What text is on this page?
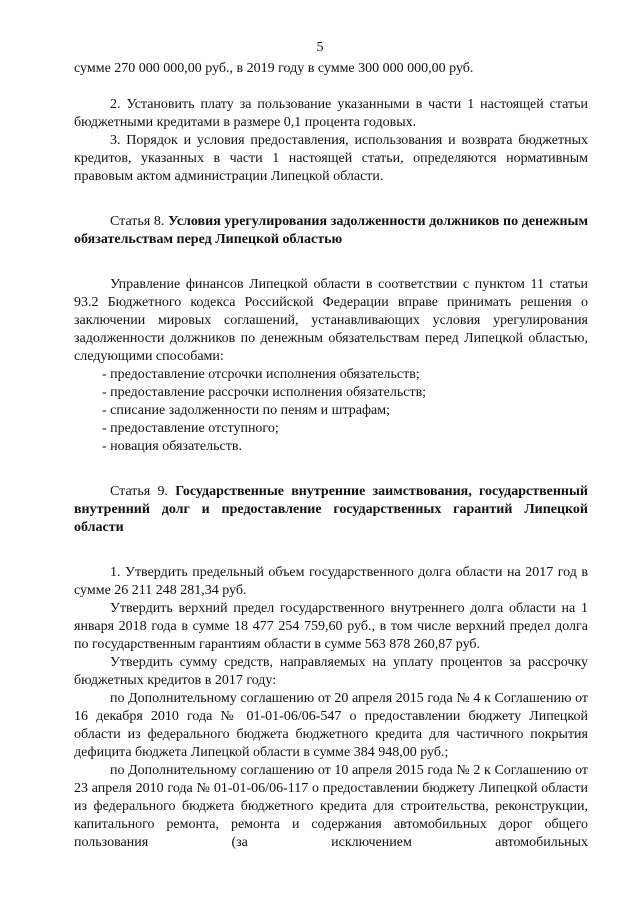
5

сумме 270 000 000,00 руб., в 2019 году в сумме 300 000 000,00 руб.

2. Установить плату за пользование указанными в части 1 настоящей статьи бюджетными кредитами в размере 0,1 процента годовых.

3. Порядок и условия предоставления, использования и возврата бюджетных кредитов, указанных в части 1 настоящей статьи, определяются нормативным правовым актом администрации Липецкой области.

Статья 8. Условия урегулирования задолженности должников по денежным обязательствам перед Липецкой областью

Управление финансов Липецкой области в соответствии с пунктом 11 статьи 93.2 Бюджетного кодекса Российской Федерации вправе принимать решения о заключении мировых соглашений, устанавливающих условия урегулирования задолженности должников по денежным обязательствам перед Липецкой областью, следующими способами:

- предоставление отсрочки исполнения обязательств;

- предоставление рассрочки исполнения обязательств;

- списание задолженности по пеням и штрафам;

- предоставление отступного;

- новация обязательств.

Статья 9. Государственные внутренние заимствования, государственный внутренний долг и предоставление государственных гарантий Липецкой области

1. Утвердить предельный объем государственного долга области на 2017 год в сумме 26 211 248 281,34 руб.

Утвердить верхний предел государственного внутреннего долга области на 1 января 2018 года в сумме 18 477 254 759,60 руб., в том числе верхний предел долга по государственным гарантиям области в сумме 563 878 260,87 руб.

Утвердить сумму средств, направляемых на уплату процентов за рассрочку бюджетных кредитов в 2017 году:

по Дополнительному соглашению от 20 апреля 2015 года № 4 к Соглашению от 16 декабря 2010 года № 01-01-06/06-547 о предоставлении бюджету Липецкой области из федерального бюджета бюджетного кредита для частичного покрытия дефицита бюджета Липецкой области в сумме 384 948,00 руб.;

по Дополнительному соглашению от 10 апреля 2015 года № 2 к Соглашению от 23 апреля 2010 года № 01-01-06/06-117 о предоставлении бюджету Липецкой области из федерального бюджета бюджетного кредита для строительства, реконструкции, капитального ремонта, ремонта и содержания автомобильных дорог общего пользования (за исключением автомобильных
